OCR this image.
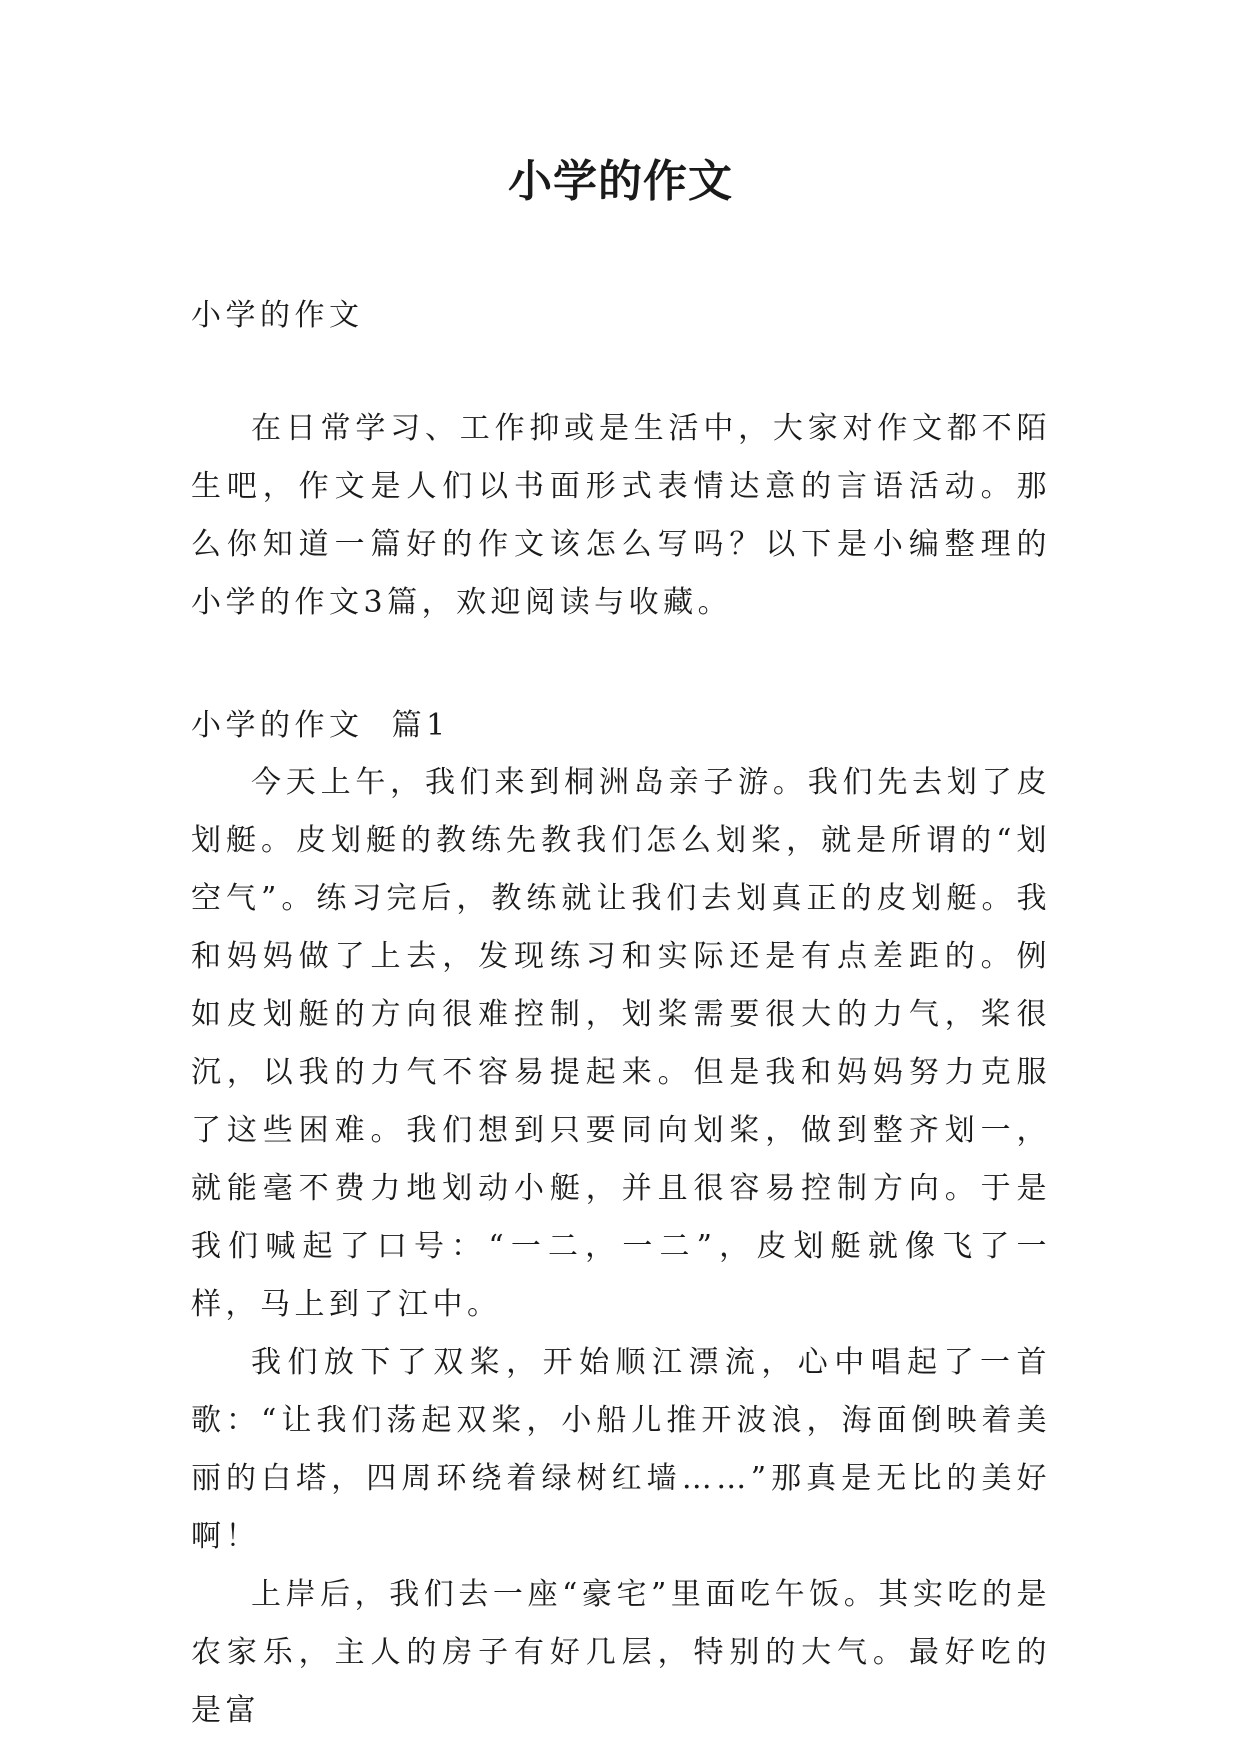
小学的作文

小学的作文

在日常学习、工作抑或是生活中，大家对作文都不陌生吧，作文是人们以书面形式表情达意的言语活动。那么你知道一篇好的作文该怎么写吗？以下是小编整理的小学的作文3篇，欢迎阅读与收藏。

小学的作文  篇1

今天上午，我们来到桐洲岛亲子游。我们先去划了皮划艇。皮划艇的教练先教我们怎么划桨，就是所谓的“划空气”。练习完后，教练就让我们去划真正的皮划艇。我和妈妈做了上去，发现练习和实际还是有点差距的。例如皮划艇的方向很难控制，划桨需要很大的力气，桨很沉，以我的力气不容易提起来。但是我和妈妈努力克服了这些困难。我们想到只要同向划桨，做到整齐划一，就能毫不费力地划动小艇，并且很容易控制方向。于是我们喊起了口号：“一二，一二”，皮划艇就像飞了一样，马上到了江中。

我们放下了双桨，开始顺江漂流，心中唱起了一首歌：“让我们荡起双桨，小船儿推开波浪，海面倒映着美丽的白塔，四周环绕着绿树红墙……”那真是无比的美好啊！

上岸后，我们去一座“豪宅”里面吃午饭。其实吃的是农家乐，主人的房子有好几层，特别的大气。最好吃的是富
